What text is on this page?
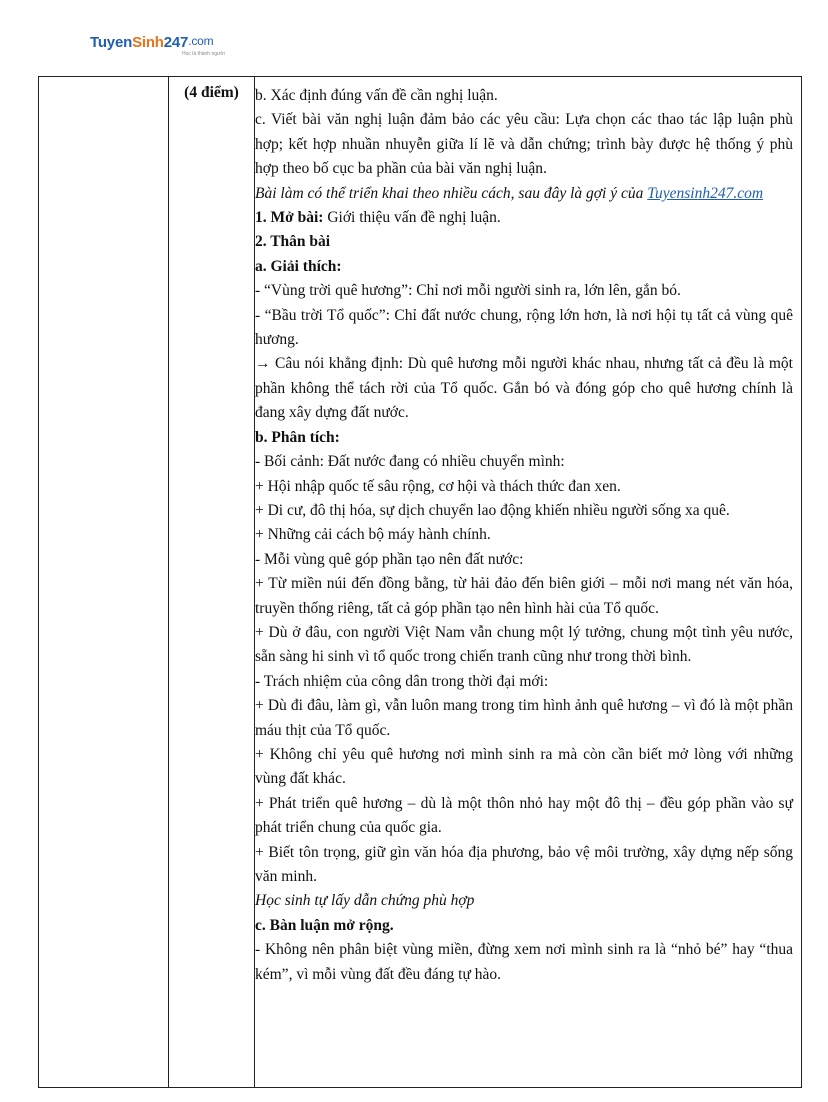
Tuyen Sinh 247 .com
Học là thành người
(4 điểm)	b. Xác định đúng vấn đề cần nghị luận.

c. Viết bài văn nghị luận đảm bảo các yêu cầu: Lựa chọn các thao tác lập luận phù hợp; kết hợp nhuần nhuyễn giữa lí lẽ và dẫn chứng; trình bày được hệ thống ý phù hợp theo bố cục ba phần của bài văn nghị luận.

Bài làm có thể triển khai theo nhiều cách, sau đây là gợi ý của Tuyensinh247.com

1. Mở bài: Giới thiệu vấn đề nghị luận.

2. Thân bài

a. Giải thích:

- “Vùng trời quê hương”: Chỉ nơi mỗi người sinh ra, lớn lên, gắn bó.

- “Bầu trời Tổ quốc”: Chỉ đất nước chung, rộng lớn hơn, là nơi hội tụ tất cả vùng quê hương.

→ Câu nói khẳng định: Dù quê hương mỗi người khác nhau, nhưng tất cả đều là một phần không thể tách rời của Tổ quốc. Gắn bó và đóng góp cho quê hương chính là đang xây dựng đất nước.

b. Phân tích:

- Bối cảnh: Đất nước đang có nhiều chuyển mình:

+ Hội nhập quốc tế sâu rộng, cơ hội và thách thức đan xen.

+ Di cư, đô thị hóa, sự dịch chuyển lao động khiến nhiều người sống xa quê.

+ Những cải cách bộ máy hành chính.

- Mỗi vùng quê góp phần tạo nên đất nước:

+ Từ miền núi đến đồng bằng, từ hải đảo đến biên giới – mỗi nơi mang nét văn hóa, truyền thống riêng, tất cả góp phần tạo nên hình hài của Tổ quốc.

+ Dù ở đâu, con người Việt Nam vẫn chung một lý tưởng, chung một tình yêu nước, sẵn sàng hi sinh vì tổ quốc trong chiến tranh cũng như trong thời bình.

- Trách nhiệm của công dân trong thời đại mới:

+ Dù đi đâu, làm gì, vẫn luôn mang trong tim hình ảnh quê hương – vì đó là một phần máu thịt của Tổ quốc.

+ Không chỉ yêu quê hương nơi mình sinh ra mà còn cần biết mở lòng với những vùng đất khác.

+ Phát triển quê hương – dù là một thôn nhỏ hay một đô thị – đều góp phần vào sự phát triển chung của quốc gia.

+ Biết tôn trọng, giữ gìn văn hóa địa phương, bảo vệ môi trường, xây dựng nếp sống văn minh.

Học sinh tự lấy dẫn chứng phù hợp

c. Bàn luận mở rộng.

- Không nên phân biệt vùng miền, đừng xem nơi mình sinh ra là “nhỏ bé” hay “thua kém”, vì mỗi vùng đất đều đáng tự hào.
